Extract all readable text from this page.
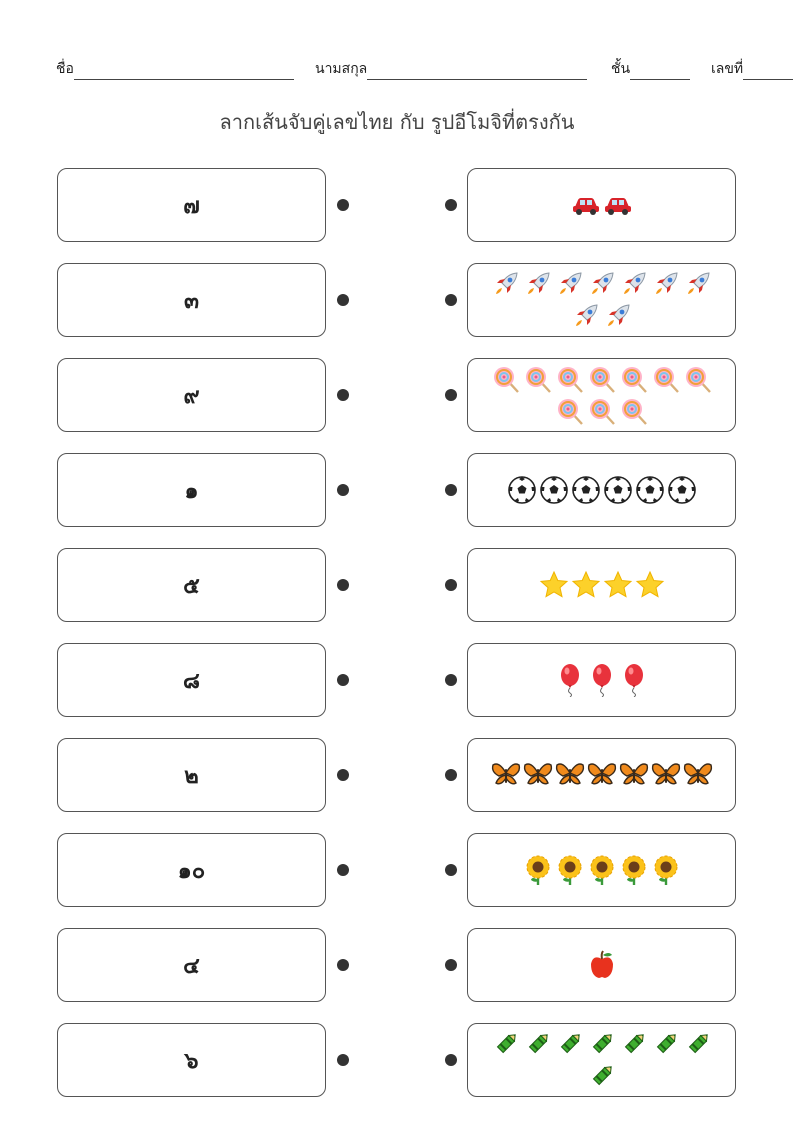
ชื่อ	นามสกุล	ชั้น	เลขที่
ลากเส้นจับคู่เลขไทย กับ รูปอีโมจิที่ตรงกัน
๗
๓
๙
๑
๕
๘
๒
๑๐
๔
๖
